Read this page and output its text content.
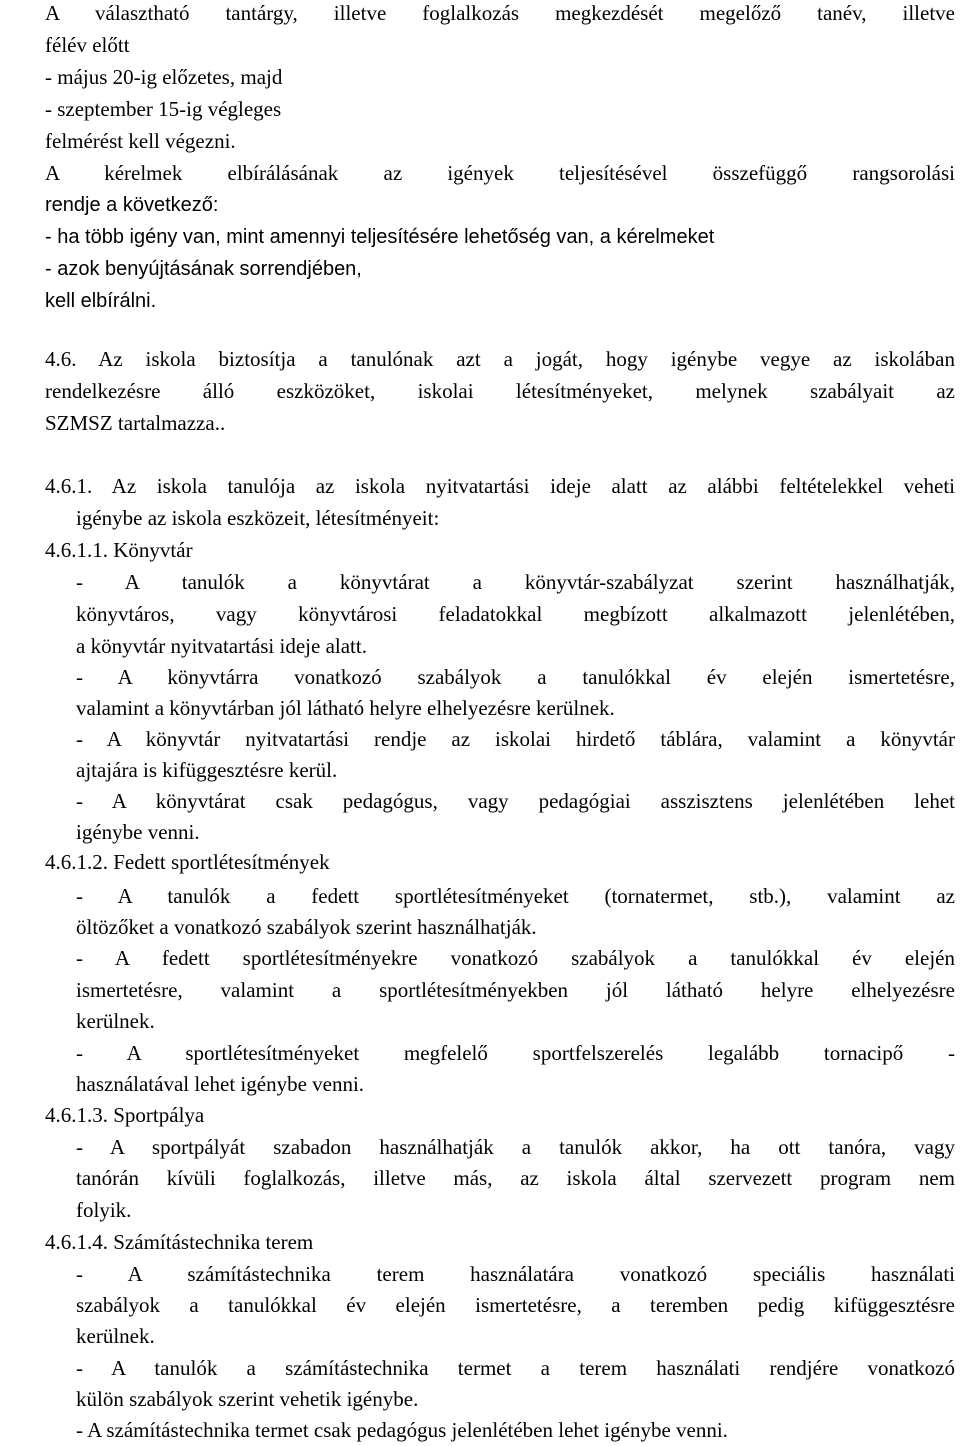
A választható tantárgy, illetve foglalkozás megkezdését megelőző tanév, illetve
félév előtt
- május 20-ig előzetes, majd
- szeptember 15-ig végleges
felmérést kell végezni.
A kérelmek elbírálásának az igények teljesítésével összefüggő rangsorolási
rendje a következő:
- ha több igény van, mint amennyi teljesítésére lehetőség van, a kérelmeket
- azok benyújtásának sorrendjében,
kell elbírálni.
4.6. Az iskola biztosítja a tanulónak azt a jogát, hogy igénybe vegye az iskolában
rendelkezésre álló eszközöket, iskolai létesítményeket, melynek szabályait az
SZMSZ tartalmazza..
4.6.1. Az iskola tanulója az iskola nyitvatartási ideje alatt az alábbi feltételekkel veheti
igénybe az iskola eszközeit, létesítményeit:
4.6.1.1. Könyvtár
- A tanulók a könyvtárat a könyvtár-szabályzat szerint használhatják,
könyvtáros, vagy könyvtárosi feladatokkal megbízott alkalmazott jelenlétében,
a könyvtár nyitvatartási ideje alatt.
- A könyvtárra vonatkozó szabályok a tanulókkal év elején ismertetésre,
valamint a könyvtárban jól látható helyre elhelyezésre kerülnek.
- A könyvtár nyitvatartási rendje az iskolai hirdető táblára, valamint a könyvtár
ajtajára is kifüggesztésre kerül.
- A könyvtárat csak pedagógus, vagy pedagógiai asszisztens jelenlétében lehet
igénybe venni.
4.6.1.2. Fedett sportlétesítmények
- A tanulók a fedett sportlétesítményeket (tornatermet, stb.), valamint az
öltözőket a vonatkozó szabályok szerint használhatják.
- A fedett sportlétesítményekre vonatkozó szabályok a tanulókkal év elején
ismertetésre, valamint a sportlétesítményekben jól látható helyre elhelyezésre
kerülnek.
- A sportlétesítményeket megfelelő sportfelszerelés legalább tornacipő -
használatával lehet igénybe venni.
4.6.1.3. Sportpálya
- A sportpályát szabadon használhatják a tanulók akkor, ha ott tanóra, vagy
tanórán kívüli foglalkozás, illetve más, az iskola által szervezett program nem
folyik.
4.6.1.4. Számítástechnika terem
- A számítástechnika terem használatára vonatkozó speciális használati
szabályok a tanulókkal év elején ismertetésre, a teremben pedig kifüggesztésre
kerülnek.
- A tanulók a számítástechnika termet a terem használati rendjére vonatkozó
külön szabályok szerint vehetik igénybe.
- A számítástechnika termet csak pedagógus jelenlétében lehet igénybe venni.
